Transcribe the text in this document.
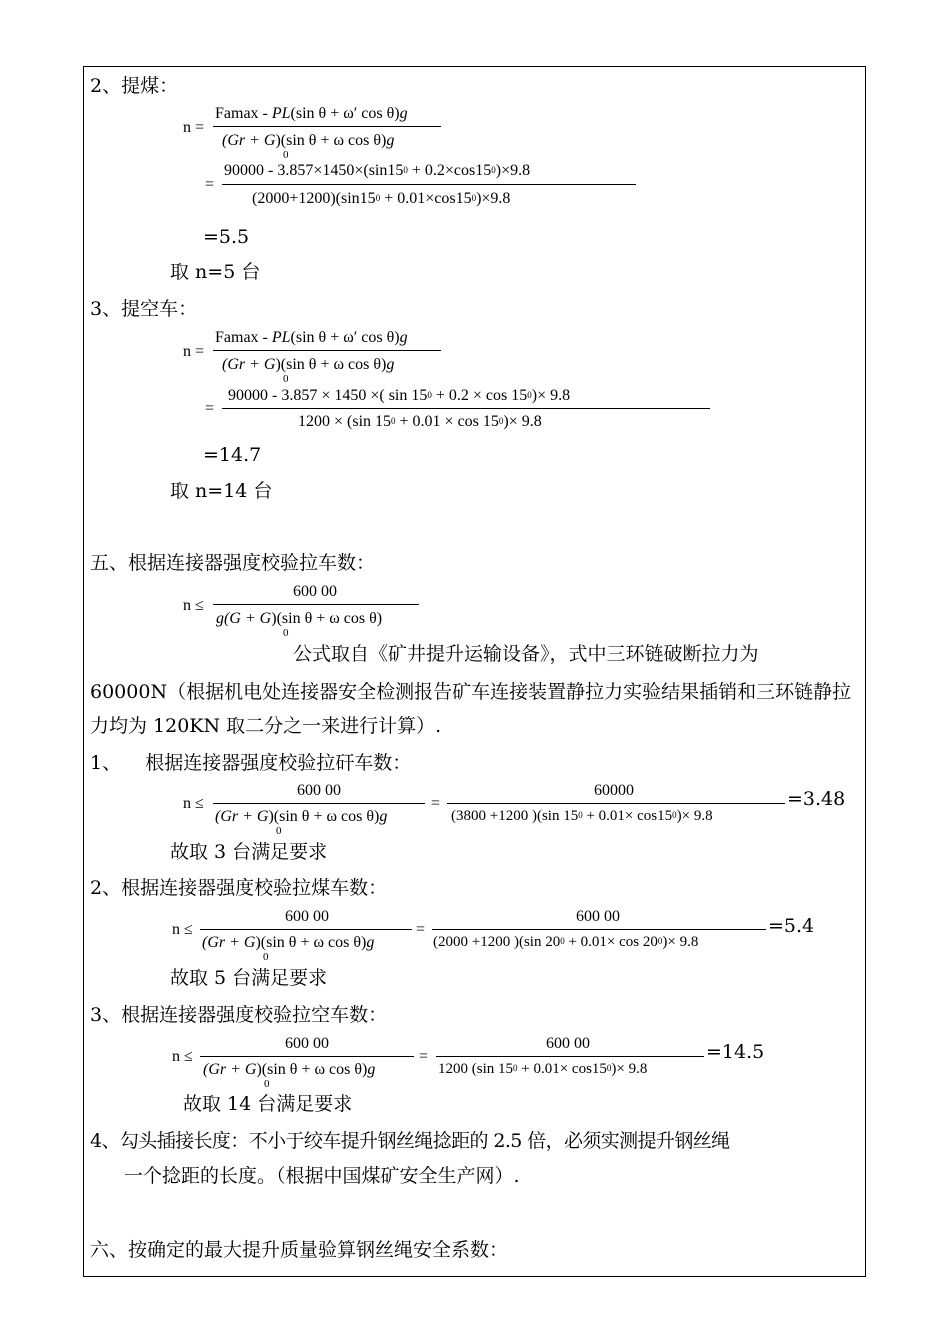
2、提煤：
n =
Famax - PL(sin θ + ω′ cos θ)g
(Gr + G)(sin θ + ω cos θ)g
0
=
$90000 - 3.857\times 1450\times(\sin 15^0 + 0.2\times\cos 15^0)\times 9.8$
$(2000+1200)(\sin 15^0 + 0.01\times\cos 15^0)\times 9.8$
=5.5
取 n=5 台
3、提空车：
n =
Famax - PL(sin θ + ω′ cos θ)g
(Gr + G)(sin θ + ω cos θ)g
0
=
90000 - 3.857 × 1450 ×( $\sin 15^0 + 0.2 \times \cos 15^0)\times 9.8$
1200 × (sin $15^0 + 0.01 \times \cos 15^0)\times 9.8$
=14.7
取 n=14 台
五、根据连接器强度校验拉车数：
n ≤
600 00
g(G + G)(sin θ + ω cos θ)
0
公式取自《矿井提升运输设备》，式中三环链破断拉力为
60000N（根据机电处连接器安全检测报告矿车连接装置静拉力实验结果插销和三环链静拉力均为 120KN 取二分之一来进行计算）.
1、    根据连接器强度校验拉矸车数：
n ≤
600 00
(Gr + G)(sin θ + ω cos θ)g
0
=
60000
(3800 +1200 )(sin $15^0 + 0.01\times \cos 15^0)\times 9.8$
=3.48
故取 3 台满足要求
2、根据连接器强度校验拉煤车数：
n ≤
600 00
(Gr + G)(sin θ + ω cos θ)g
0
=
600 00
(2000 +1200 )(sin $20^0 + 0.01\times \cos 20^0)\times 9.8$
=5.4
故取 5 台满足要求
3、根据连接器强度校验拉空车数：
n ≤
600 00
(Gr + G)(sin θ + ω cos θ)g
0
=
600 00
1200 (sin $15^0 + 0.01\times \cos 15^0)\times 9.8$
=14.5
故取 14 台满足要求
4、勾头插接长度：不小于绞车提升钢丝绳捻距的 2.5 倍，必须实测提升钢丝绳
一个捻距的长度。（根据中国煤矿安全生产网）.
六、按确定的最大提升质量验算钢丝绳安全系数：
